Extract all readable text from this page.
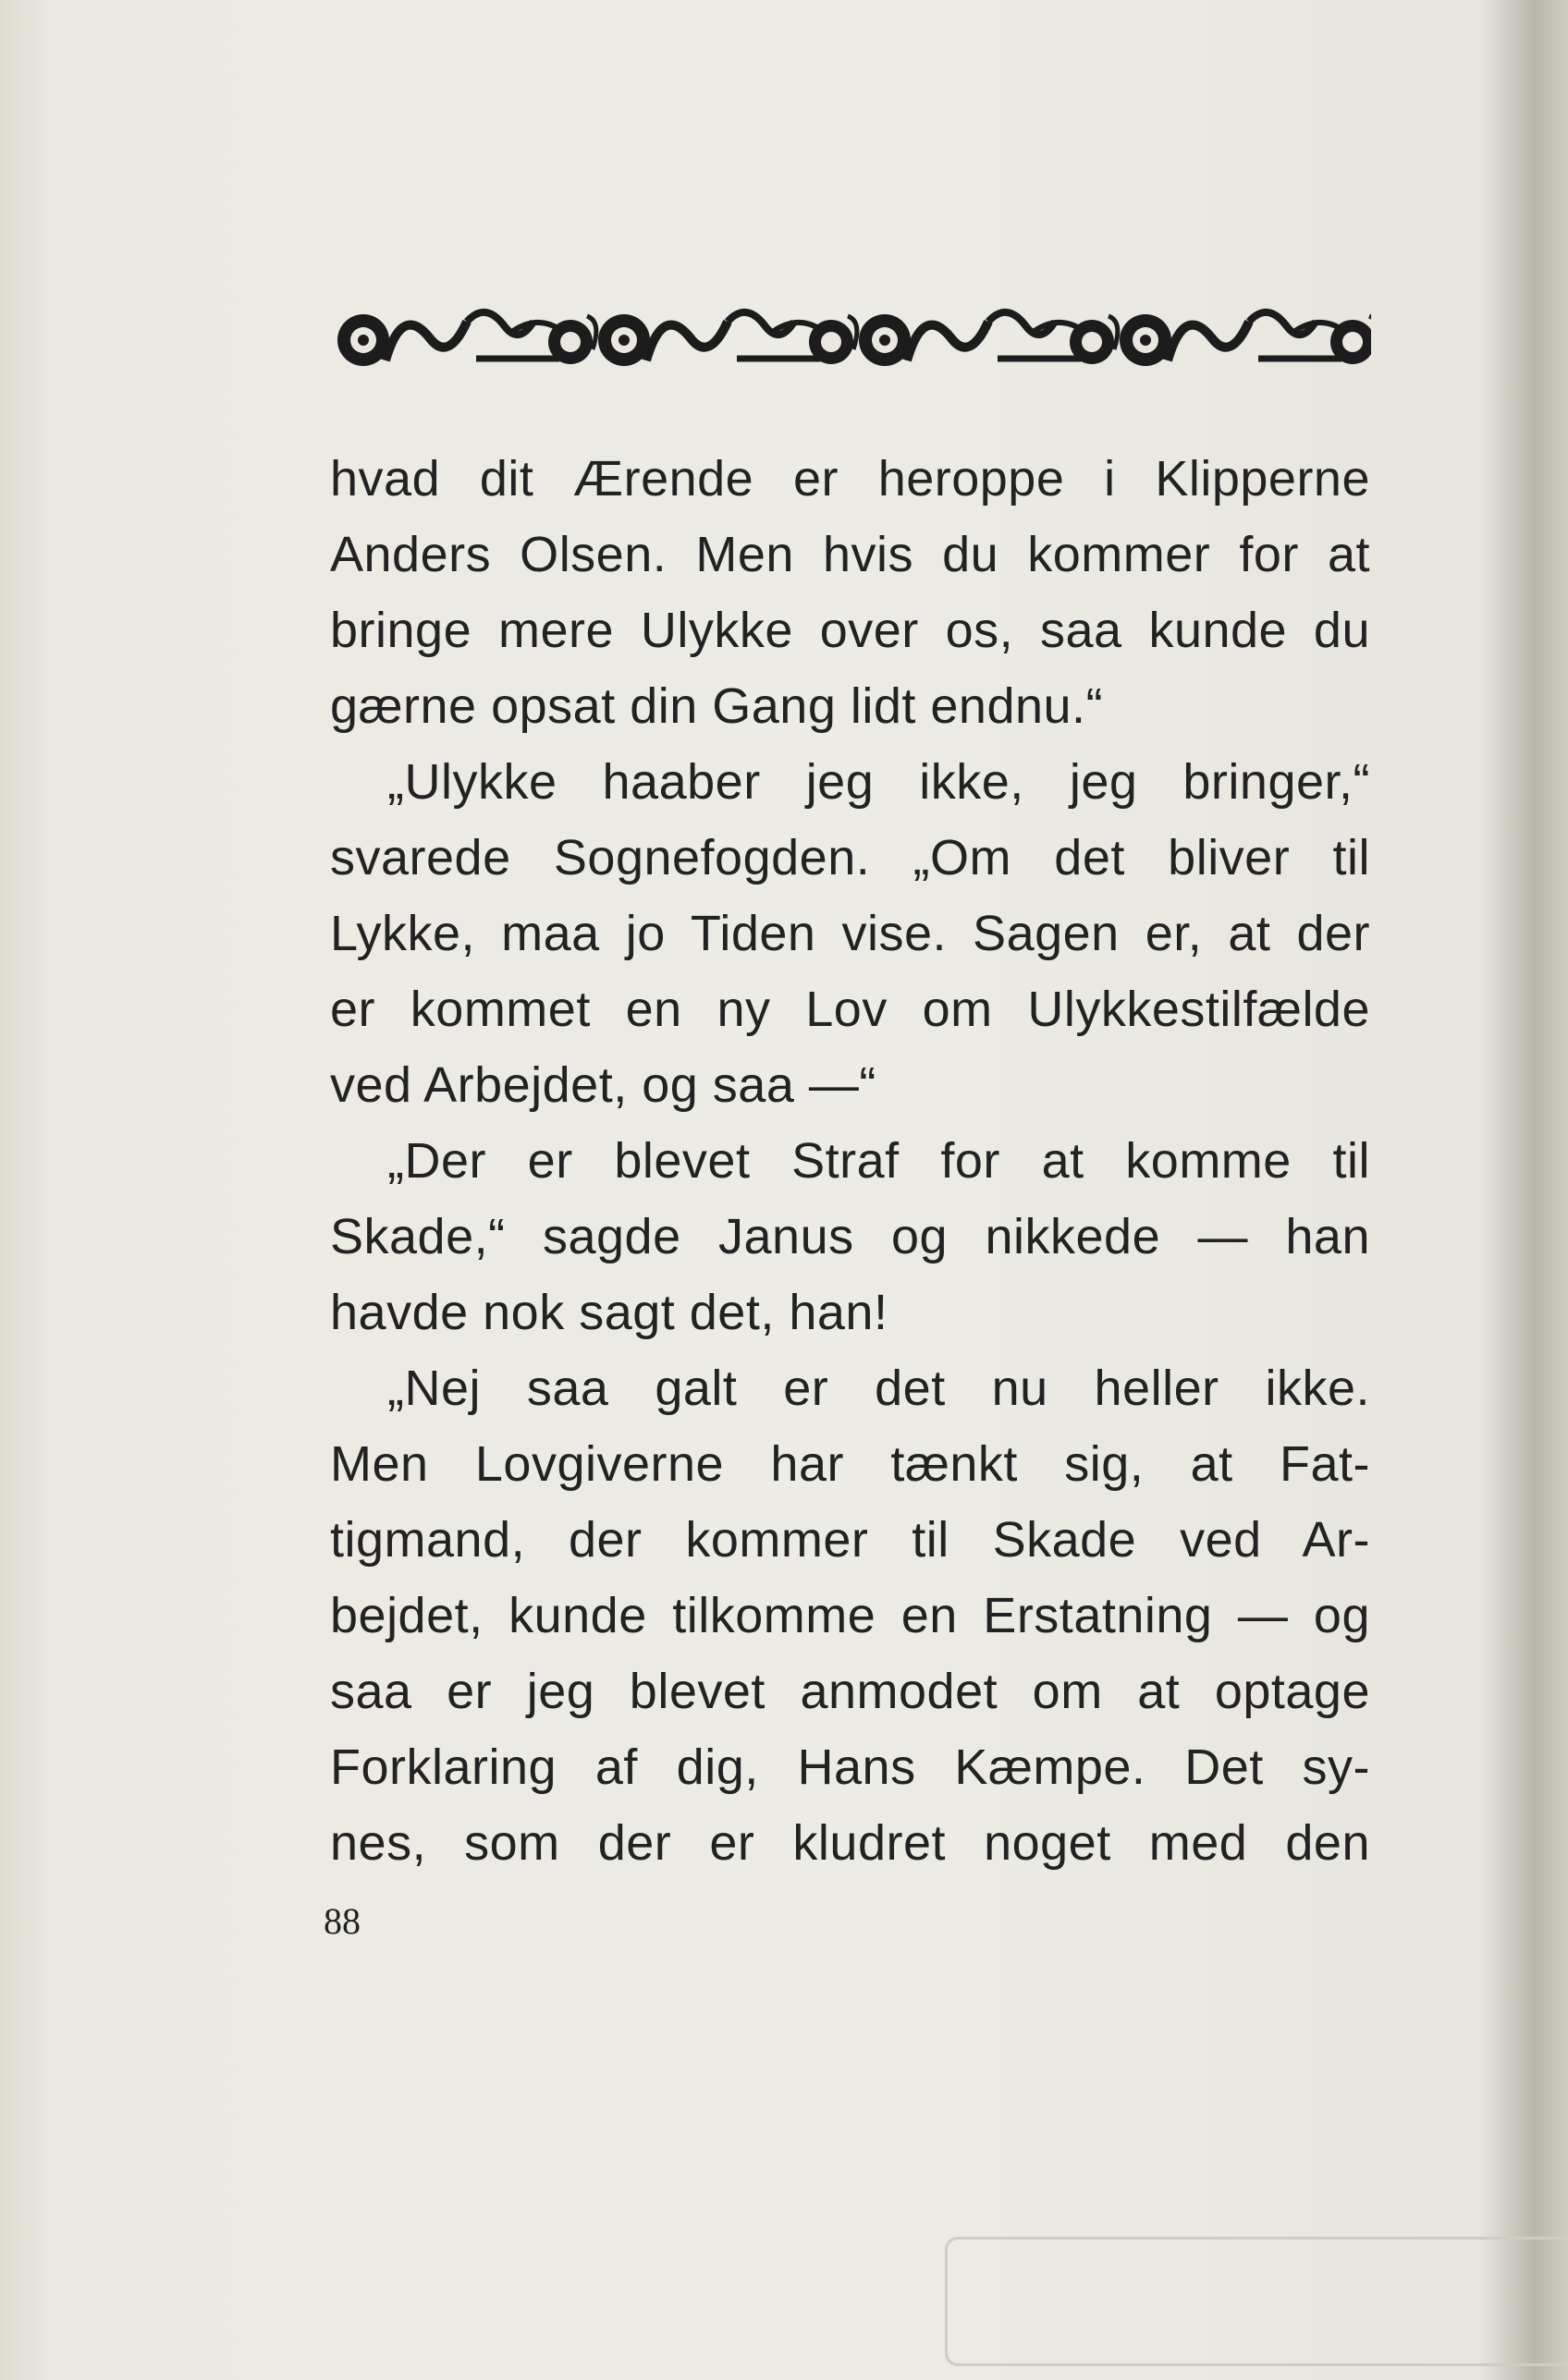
hvad dit Ærende er heroppe i Klipperne
Anders Olsen. Men hvis du kommer for at
bringe mere Ulykke over os, saa kunde du
gærne opsat din Gang lidt endnu.“
„Ulykke haaber jeg ikke, jeg bringer,“
svarede Sognefogden. „Om det bliver til
Lykke, maa jo Tiden vise. Sagen er, at der
er kommet en ny Lov om Ulykkestilfælde
ved Arbejdet, og saa —“
„Der er blevet Straf for at komme til
Skade,“ sagde Janus og nikkede — han
havde nok sagt det, han!
„Nej saa galt er det nu heller ikke.
Men Lovgiverne har tænkt sig, at Fat-
tigmand, der kommer til Skade ved Ar-
bejdet, kunde tilkomme en Erstatning — og
saa er jeg blevet anmodet om at optage
Forklaring af dig, Hans Kæmpe. Det sy-
nes, som der er kludret noget med den
88
